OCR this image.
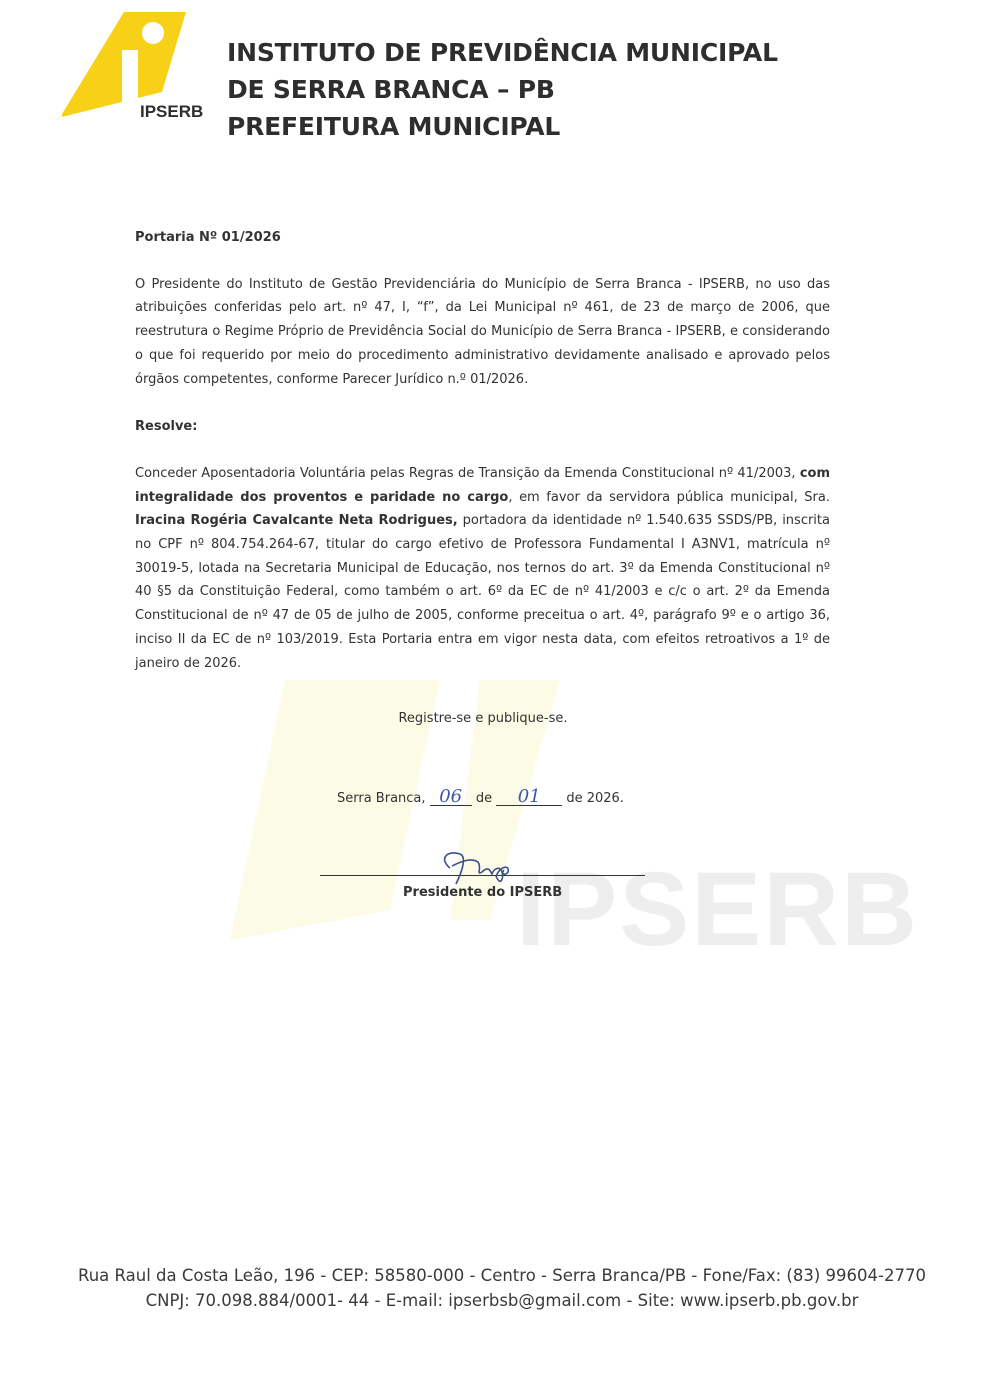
IPSERB
INSTITUTO DE PREVIDÊNCIA MUNICIPAL
DE SERRA BRANCA – PB
PREFEITURA MUNICIPAL
IPSERB

Portaria Nº 01/2026

O Presidente do Instituto de Gestão Previdenciária do Município de Serra Branca - IPSERB, no uso das atribuições conferidas pelo art. nº 47, I, “f”, da Lei Municipal nº 461, de 23 de março de 2006, que reestrutura o Regime Próprio de Previdência Social do Município de Serra Branca - IPSERB, e considerando o que foi requerido por meio do procedimento administrativo devidamente analisado e aprovado pelos órgãos competentes, conforme Parecer Jurídico n.º 01/2026.

Resolve:

Conceder Aposentadoria Voluntária pelas Regras de Transição da Emenda Constitucional nº 41/2003, com integralidade dos proventos e paridade no cargo, em favor da servidora pública municipal, Sra. Iracina Rogéria Cavalcante Neta Rodrigues, portadora da identidade nº 1.540.635 SSDS/PB, inscrita no CPF nº 804.754.264-67, titular do cargo efetivo de Professora Fundamental I A3NV1, matrícula nº 30019-5, lotada na Secretaria Municipal de Educação, nos ternos do art. 3º da Emenda Constitucional nº 40 §5 da Constituição Federal, como também o art. 6º da EC de nº 41/2003 e c/c o art. 2º da Emenda Constitucional de nº 47 de 05 de julho de 2005, conforme preceitua o art. 4º, parágrafo 9º e o artigo 36, inciso II da EC de nº 103/2019. Esta Portaria entra em vigor nesta data, com efeitos retroativos a 1º de janeiro de 2026.

Registre-se e publique-se.
Serra Branca, 06 de 01 de 2026.
Presidente do IPSERB
Rua Raul da Costa Leão, 196 - CEP: 58580-000 - Centro - Serra Branca/PB - Fone/Fax: (83) 99604-2770
CNPJ: 70.098.884/0001- 44 - E-mail: ipserbsb@gmail.com - Site: www.ipserb.pb.gov.br
